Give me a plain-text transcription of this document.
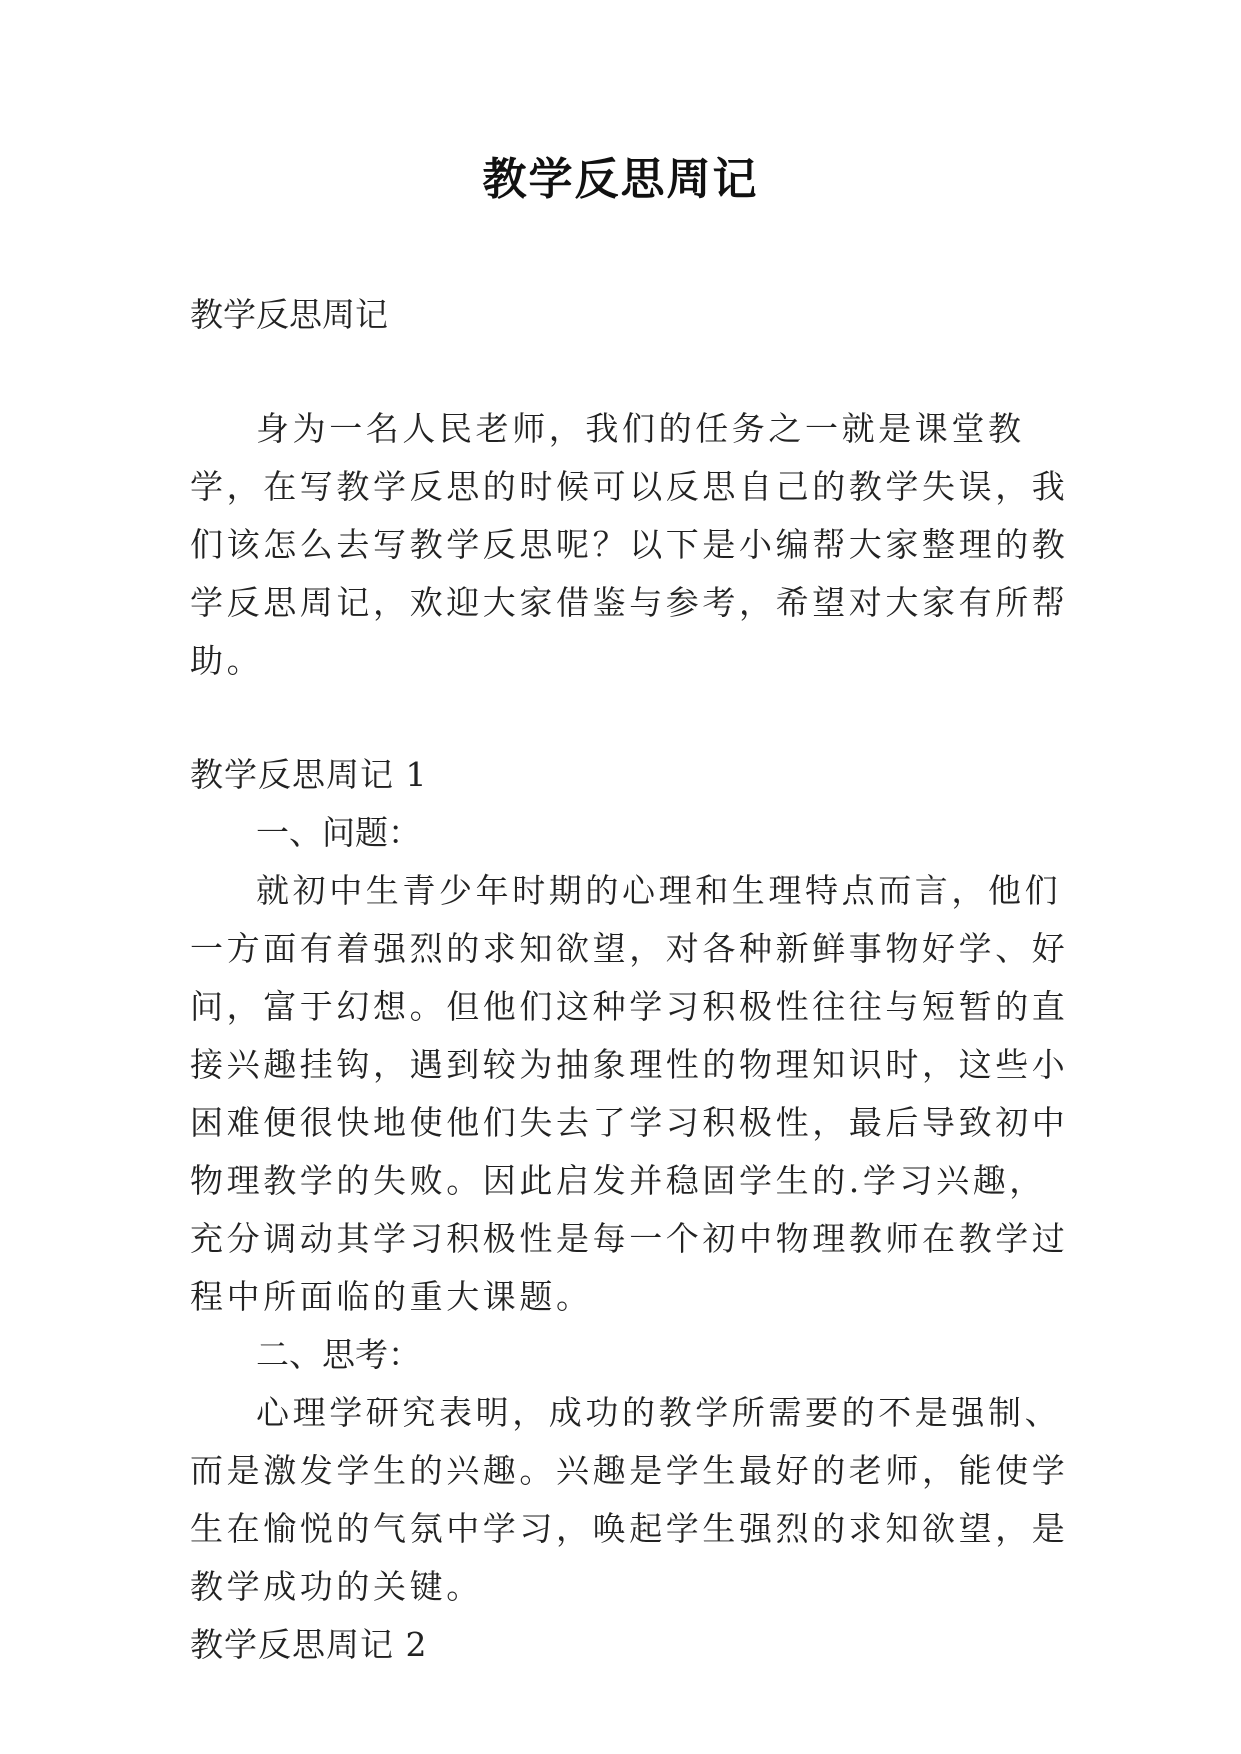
教学反思周记

教学反思周记

身为一名人民老师，我们的任务之一就是课堂教学，在写教学反思的时候可以反思自己的教学失误，我们该怎么去写教学反思呢？以下是小编帮大家整理的教学反思周记，欢迎大家借鉴与参考，希望对大家有所帮助。

教学反思周记 1

一、问题：

就初中生青少年时期的心理和生理特点而言，他们一方面有着强烈的求知欲望，对各种新鲜事物好学、好问，富于幻想。但他们这种学习积极性往往与短暂的直接兴趣挂钩，遇到较为抽象理性的物理知识时，这些小困难便很快地使他们失去了学习积极性，最后导致初中物理教学的失败。因此启发并稳固学生的.学习兴趣，充分调动其学习积极性是每一个初中物理教师在教学过程中所面临的重大课题。

二、思考：

心理学研究表明，成功的教学所需要的不是强制、而是激发学生的兴趣。兴趣是学生最好的老师，能使学生在愉悦的气氛中学习，唤起学生强烈的求知欲望，是教学成功的关键。

教学反思周记 2
